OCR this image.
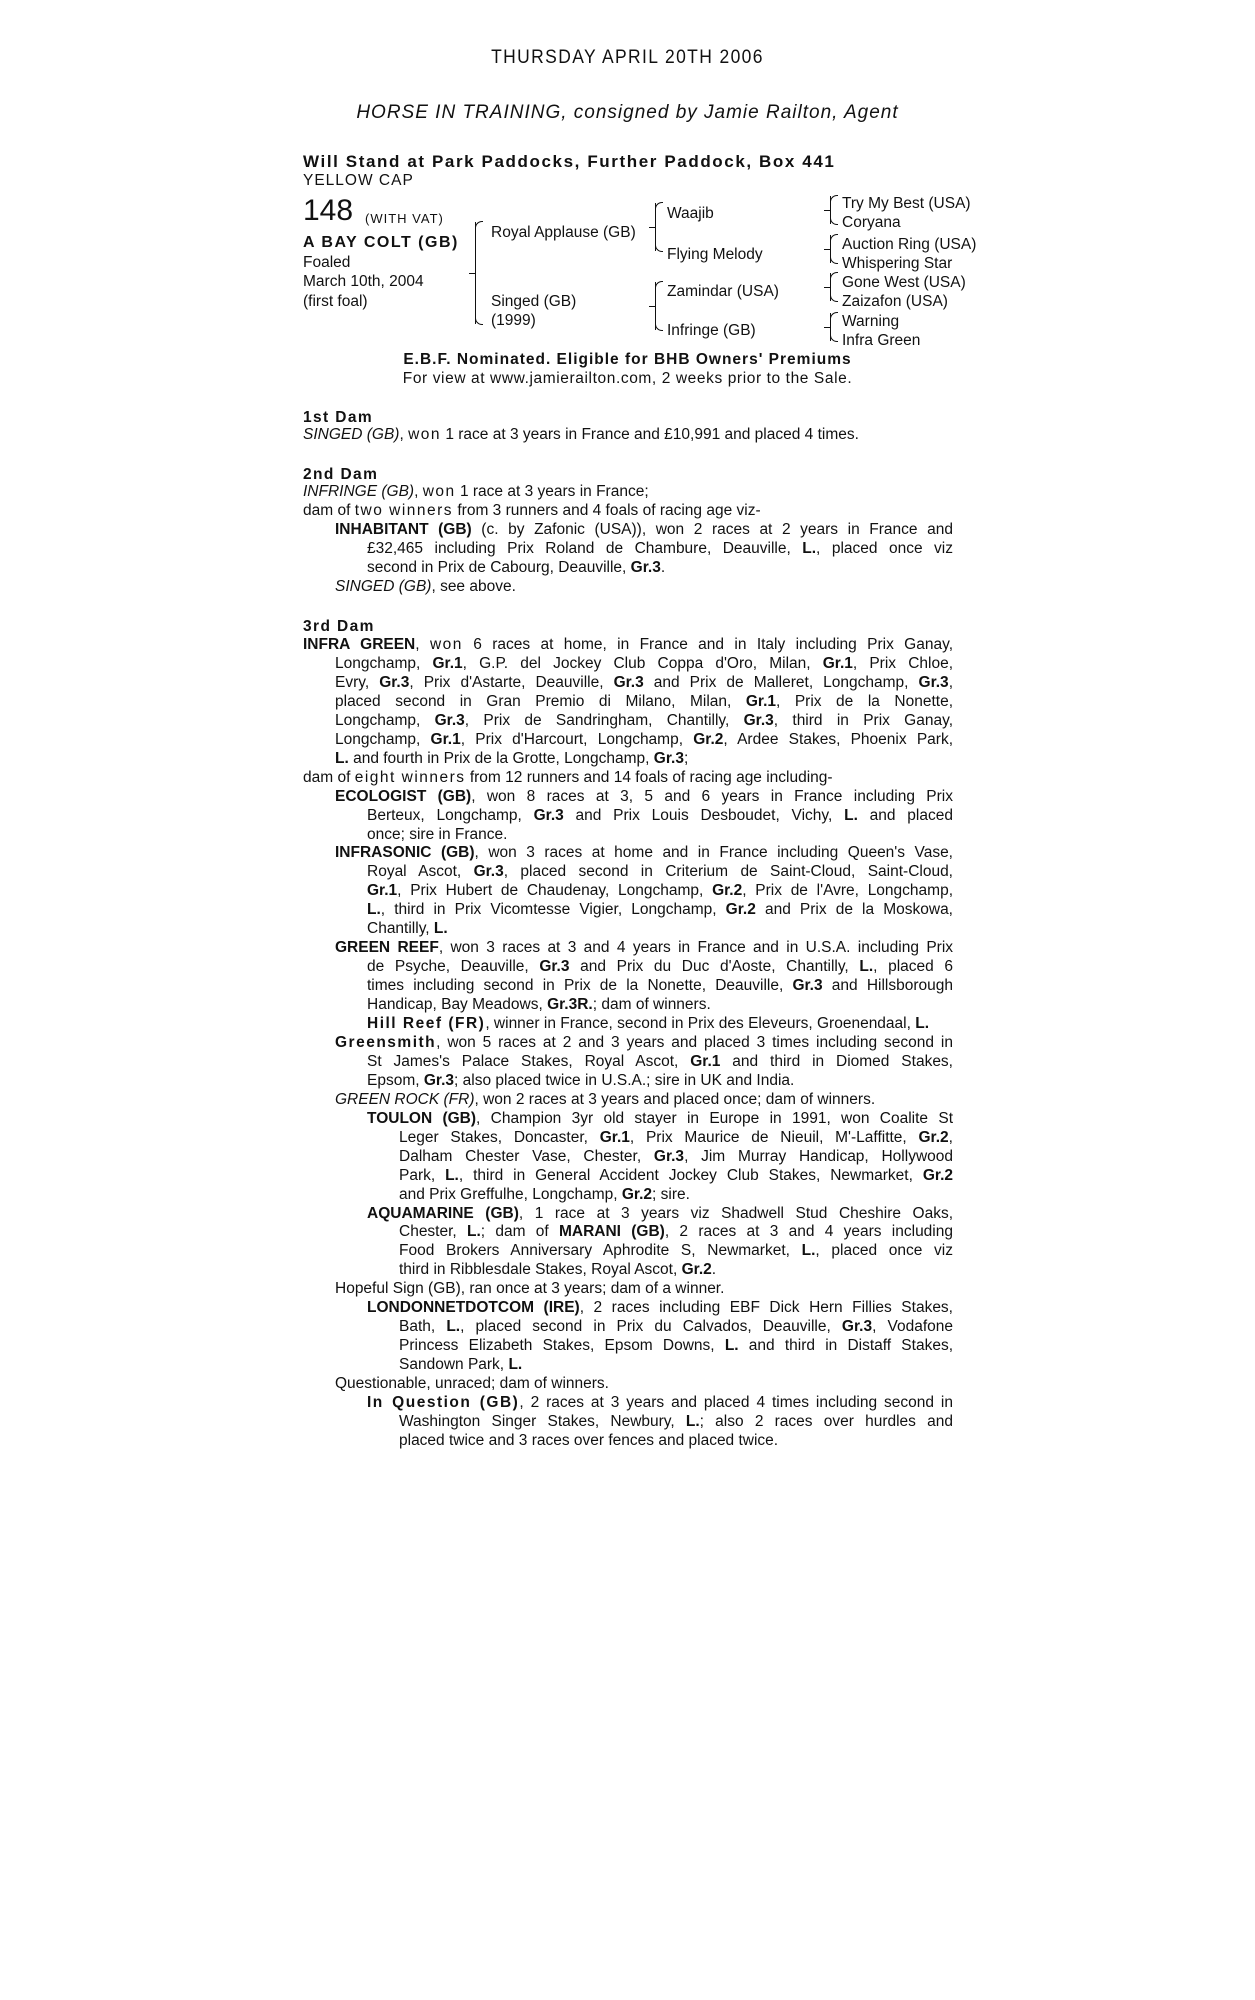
THURSDAY APRIL 20TH 2006
HORSE IN TRAINING, consigned by Jamie Railton, Agent
Will Stand at Park Paddocks, Further Paddock, Box 441
YELLOW CAP
148 (WITH VAT)
A BAY COLT (GB)
Foaled
March 10th, 2004
(first foal)
Royal Applause (GB)
Singed (GB)
(1999)
Waajib
Flying Melody
Zamindar (USA)
Infringe (GB)
Try My Best (USA)
Coryana
Auction Ring (USA)
Whispering Star
Gone West (USA)
Zaizafon (USA)
Warning
Infra Green
E.B.F. Nominated. Eligible for BHB Owners' Premiums
For view at www.jamierailton.com, 2 weeks prior to the Sale.
1st Dam
SINGED (GB), won 1 race at 3 years in France and £10,991 and placed 4 times.
2nd Dam
INFRINGE (GB), won 1 race at 3 years in France;
dam of two winners from 3 runners and 4 foals of racing age viz-
INHABITANT (GB) (c. by Zafonic (USA)), won 2 races at 2 years in France and
£32,465 including Prix Roland de Chambure, Deauville, L., placed once viz
second in Prix de Cabourg, Deauville, Gr.3.
SINGED (GB), see above.
3rd Dam
INFRA GREEN, won 6 races at home, in France and in Italy including Prix Ganay,
Longchamp, Gr.1, G.P. del Jockey Club Coppa d'Oro, Milan, Gr.1, Prix Chloe,
Evry, Gr.3, Prix d'Astarte, Deauville, Gr.3 and Prix de Malleret, Longchamp, Gr.3,
placed second in Gran Premio di Milano, Milan, Gr.1, Prix de la Nonette,
Longchamp, Gr.3, Prix de Sandringham, Chantilly, Gr.3, third in Prix Ganay,
Longchamp, Gr.1, Prix d'Harcourt, Longchamp, Gr.2, Ardee Stakes, Phoenix Park,
L. and fourth in Prix de la Grotte, Longchamp, Gr.3;
dam of eight winners from 12 runners and 14 foals of racing age including-
ECOLOGIST (GB), won 8 races at 3, 5 and 6 years in France including Prix
Berteux, Longchamp, Gr.3 and Prix Louis Desboudet, Vichy, L. and placed
once; sire in France.
INFRASONIC (GB), won 3 races at home and in France including Queen's Vase,
Royal Ascot, Gr.3, placed second in Criterium de Saint-Cloud, Saint-Cloud,
Gr.1, Prix Hubert de Chaudenay, Longchamp, Gr.2, Prix de l'Avre, Longchamp,
L., third in Prix Vicomtesse Vigier, Longchamp, Gr.2 and Prix de la Moskowa,
Chantilly, L.
GREEN REEF, won 3 races at 3 and 4 years in France and in U.S.A. including Prix
de Psyche, Deauville, Gr.3 and Prix du Duc d'Aoste, Chantilly, L., placed 6
times including second in Prix de la Nonette, Deauville, Gr.3 and Hillsborough
Handicap, Bay Meadows, Gr.3R.; dam of winners.
Hill Reef (FR), winner in France, second in Prix des Eleveurs, Groenendaal, L.
Greensmith, won 5 races at 2 and 3 years and placed 3 times including second in
St James's Palace Stakes, Royal Ascot, Gr.1 and third in Diomed Stakes,
Epsom, Gr.3; also placed twice in U.S.A.; sire in UK and India.
GREEN ROCK (FR), won 2 races at 3 years and placed once; dam of winners.
TOULON (GB), Champion 3yr old stayer in Europe in 1991, won Coalite St
Leger Stakes, Doncaster, Gr.1, Prix Maurice de Nieuil, M'-Laffitte, Gr.2,
Dalham Chester Vase, Chester, Gr.3, Jim Murray Handicap, Hollywood
Park, L., third in General Accident Jockey Club Stakes, Newmarket, Gr.2
and Prix Greffulhe, Longchamp, Gr.2; sire.
AQUAMARINE (GB), 1 race at 3 years viz Shadwell Stud Cheshire Oaks,
Chester, L.; dam of MARANI (GB), 2 races at 3 and 4 years including
Food Brokers Anniversary Aphrodite S, Newmarket, L., placed once viz
third in Ribblesdale Stakes, Royal Ascot, Gr.2.
Hopeful Sign (GB), ran once at 3 years; dam of a winner.
LONDONNETDOTCOM (IRE), 2 races including EBF Dick Hern Fillies Stakes,
Bath, L., placed second in Prix du Calvados, Deauville, Gr.3, Vodafone
Princess Elizabeth Stakes, Epsom Downs, L. and third in Distaff Stakes,
Sandown Park, L.
Questionable, unraced; dam of winners.
In Question (GB), 2 races at 3 years and placed 4 times including second in
Washington Singer Stakes, Newbury, L.; also 2 races over hurdles and
placed twice and 3 races over fences and placed twice.
